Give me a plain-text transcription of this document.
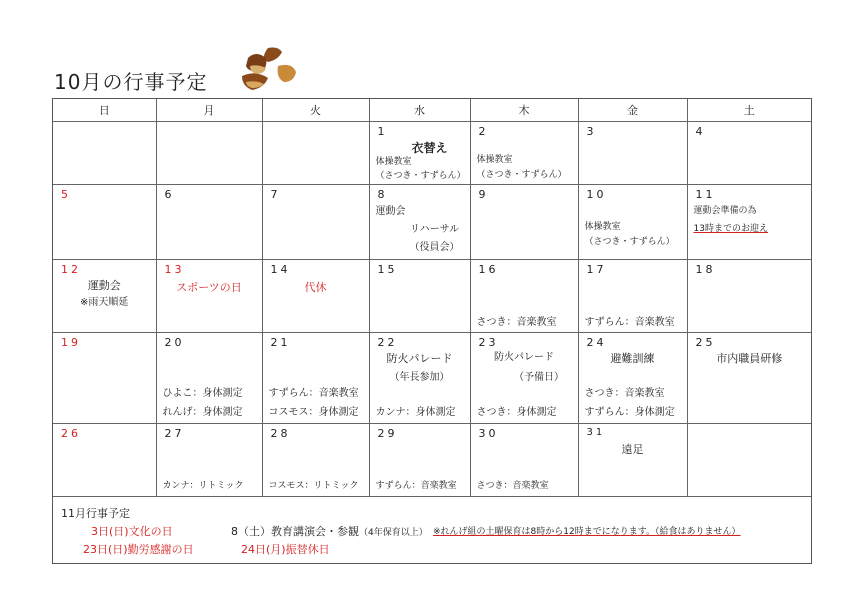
10月の行事予定
日	月	火	水	木	金	土

			1
衣替え
体操教室
（さつき・すずらん）	2
体操教室
（さつき・すずらん）	3	4

5	6	7	8
運動会
リハーサル
（役員会）	9	10
体操教室
（さつき・すずらん）	11
運動会準備の為
13時までのお迎え

12
運動会
※雨天順延	13
スポーツの日	14
代休	15	16
さつき：音楽教室	17
すずらん：音楽教室	18

19	20
ひよこ：身体測定
れんげ：身体測定	21
すずらん：音楽教室
コスモス：身体測定	22
防火パレード
（年長参加）
カンナ：身体測定	23
防火パレード
（予備日）
さつき：身体測定	24
避難訓練
さつき：音楽教室
すずらん：身体測定	25
市内職員研修

26	27
カンナ：リトミック	28
コスモス：リトミック	29
すずらん：音楽教室	30
さつき：音楽教室	31
遠足	

11月行事予定
3日(日)文化の日	8（土）教育講演会・参観（4年保育以上） ※れんげ組の土曜保育は8時から12時までになります。（給食はありません）
23日(日)勤労感謝の日	24日(月)振替休日
